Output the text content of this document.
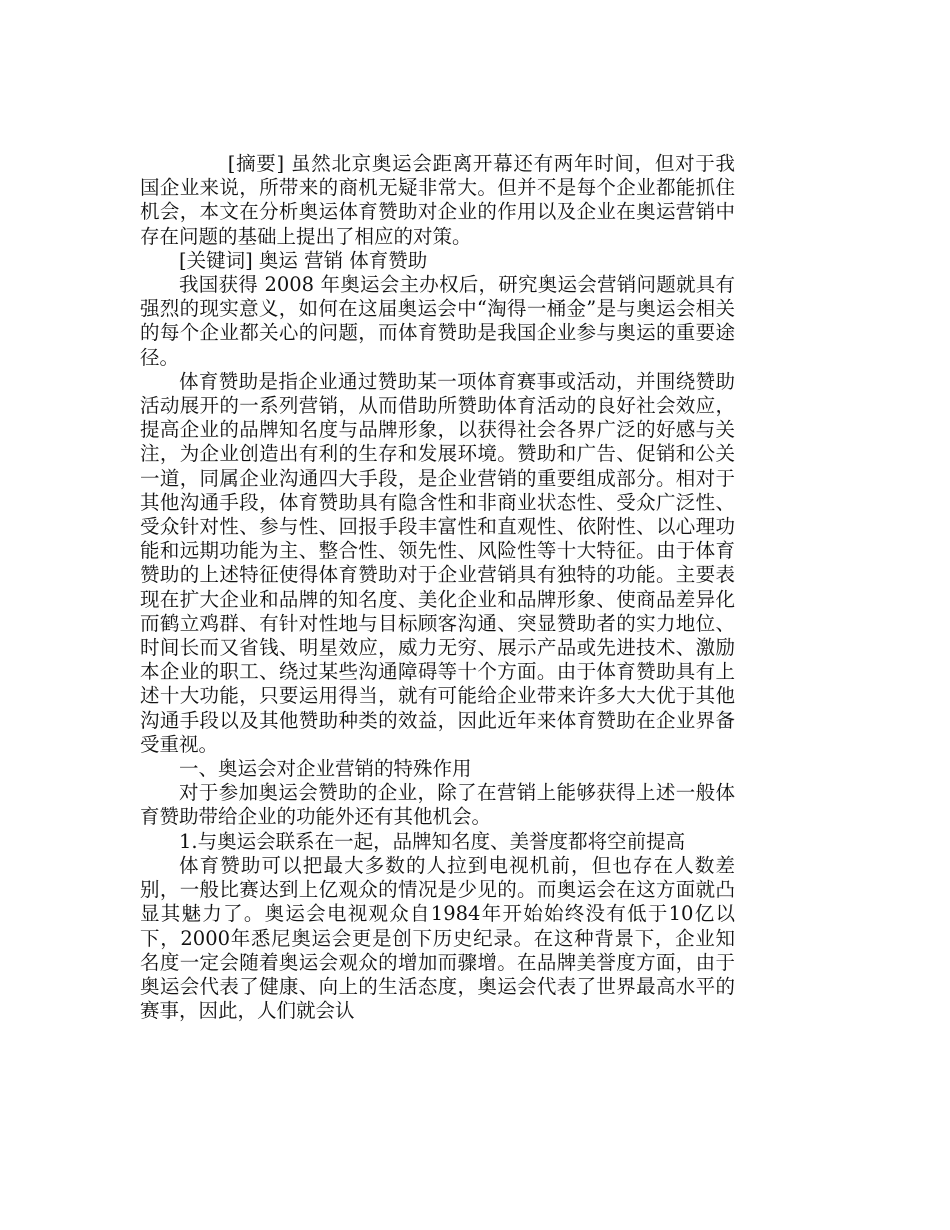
[摘要] 虽然北京奥运会距离开幕还有两年时间，但对于我国企业来说，所带来的商机无疑非常大。但并不是每个企业都能抓住机会，本文在分析奥运体育赞助对企业的作用以及企业在奥运营销中存在问题的基础上提出了相应的对策。

[关键词] 奥运 营销 体育赞助

我国获得 2008 年奥运会主办权后，研究奥运会营销问题就具有强烈的现实意义，如何在这届奥运会中“淘得一桶金”是与奥运会相关的每个企业都关心的问题，而体育赞助是我国企业参与奥运的重要途径。

体育赞助是指企业通过赞助某一项体育赛事或活动，并围绕赞助活动展开的一系列营销，从而借助所赞助体育活动的良好社会效应，提高企业的品牌知名度与品牌形象，以获得社会各界广泛的好感与关注，为企业创造出有利的生存和发展环境。赞助和广告、促销和公关一道，同属企业沟通四大手段，是企业营销的重要组成部分。相对于其他沟通手段，体育赞助具有隐含性和非商业状态性、受众广泛性、受众针对性、参与性、回报手段丰富性和直观性、依附性、以心理功能和远期功能为主、整合性、领先性、风险性等十大特征。由于体育赞助的上述特征使得体育赞助对于企业营销具有独特的功能。主要表现在扩大企业和品牌的知名度、美化企业和品牌形象、使商品差异化而鹤立鸡群、有针对性地与目标顾客沟通、突显赞助者的实力地位、时间长而又省钱、明星效应，威力无穷、展示产品或先进技术、激励本企业的职工、绕过某些沟通障碍等十个方面。由于体育赞助具有上述十大功能，只要运用得当，就有可能给企业带来许多大大优于其他沟通手段以及其他赞助种类的效益，因此近年来体育赞助在企业界备受重视。

一、奥运会对企业营销的特殊作用

对于参加奥运会赞助的企业，除了在营销上能够获得上述一般体育赞助带给企业的功能外还有其他机会。

1.与奥运会联系在一起，品牌知名度、美誉度都将空前提高

体育赞助可以把最大多数的人拉到电视机前，但也存在人数差别，一般比赛达到上亿观众的情况是少见的。而奥运会在这方面就凸显其魅力了。奥运会电视观众自1984年开始始终没有低于10亿以下，2000年悉尼奥运会更是创下历史纪录。在这种背景下，企业知名度一定会随着奥运会观众的增加而骤增。在品牌美誉度方面，由于奥运会代表了健康、向上的生活态度，奥运会代表了世界最高水平的赛事，因此，人们就会认
